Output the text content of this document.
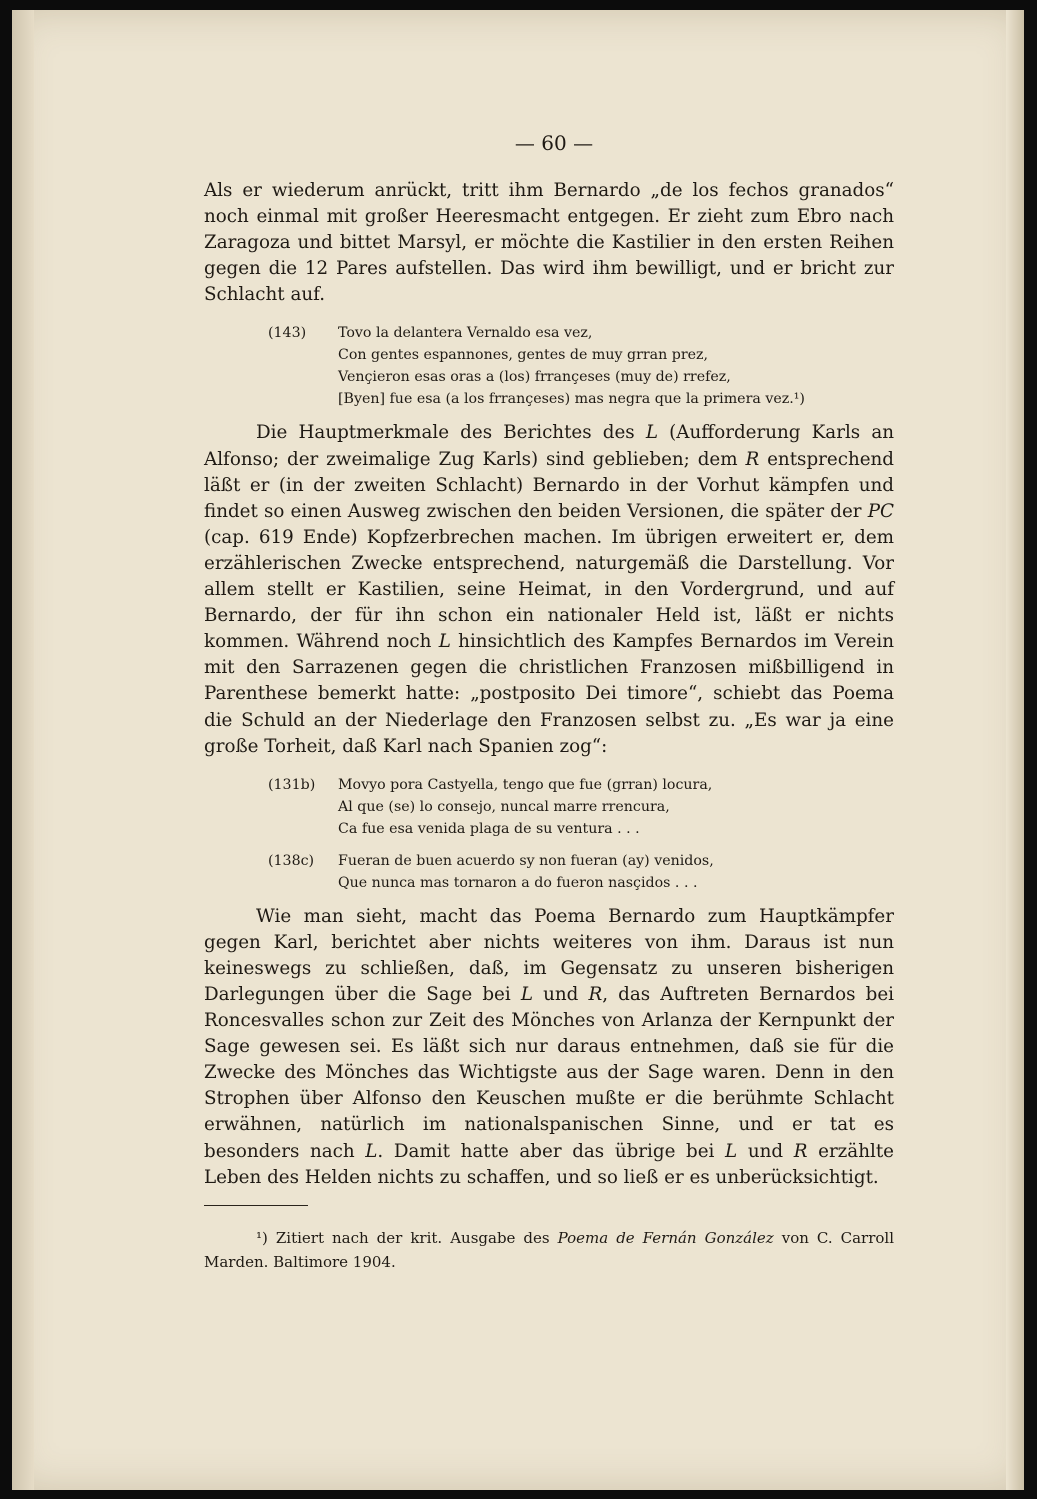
— 60 —

Als er wiederum anrückt, tritt ihm Bernardo „de los fechos granados“ noch einmal mit großer Heeresmacht entgegen. Er zieht zum Ebro nach Zaragoza und bittet Marsyl, er möchte die Kastilier in den ersten Reihen gegen die 12 Pares aufstellen. Das wird ihm bewilligt, und er bricht zur Schlacht auf.

(143)	Tovo la delantera Vernaldo esa vez,
Con gentes espannones, gentes de muy grran prez,
Vençieron esas oras a (los) frrançeses (muy de) rrefez,
[Byen] fue esa (a los frrançeses) mas negra que la primera vez.¹)

Die Hauptmerkmale des Berichtes des L (Aufforderung Karls an Alfonso; der zweimalige Zug Karls) sind geblieben; dem R entsprechend läßt er (in der zweiten Schlacht) Bernardo in der Vorhut kämpfen und findet so einen Ausweg zwischen den beiden Versionen, die später der PC (cap. 619 Ende) Kopfzerbrechen machen. Im übrigen erweitert er, dem erzählerischen Zwecke entsprechend, naturgemäß die Darstellung. Vor allem stellt er Kastilien, seine Heimat, in den Vordergrund, und auf Bernardo, der für ihn schon ein nationaler Held ist, läßt er nichts kommen. Während noch L hinsichtlich des Kampfes Bernardos im Verein mit den Sarrazenen gegen die christlichen Franzosen mißbilligend in Parenthese bemerkt hatte: „postposito Dei timore“, schiebt das Poema die Schuld an der Niederlage den Franzosen selbst zu. „Es war ja eine große Torheit, daß Karl nach Spanien zog“:

(131b)	Movyo pora Castyella, tengo que fue (grran) locura,
Al que (se) lo consejo, nuncal marre rrencura,
Ca fue esa venida plaga de su ventura . . .
(138c)	Fueran de buen acuerdo sy non fueran (ay) venidos,
Que nunca mas tornaron a do fueron nasçidos . . .

Wie man sieht, macht das Poema Bernardo zum Hauptkämpfer gegen Karl, berichtet aber nichts weiteres von ihm. Daraus ist nun keineswegs zu schließen, daß, im Gegensatz zu unseren bisherigen Darlegungen über die Sage bei L und R, das Auftreten Bernardos bei Roncesvalles schon zur Zeit des Mönches von Arlanza der Kernpunkt der Sage gewesen sei. Es läßt sich nur daraus entnehmen, daß sie für die Zwecke des Mönches das Wichtigste aus der Sage waren. Denn in den Strophen über Alfonso den Keuschen mußte er die berühmte Schlacht erwähnen, natürlich im nationalspanischen Sinne, und er tat es besonders nach L. Damit hatte aber das übrige bei L und R erzählte Leben des Helden nichts zu schaffen, und so ließ er es unberücksichtigt.

¹) Zitiert nach der krit. Ausgabe des Poema de Fernán González von C. Carroll Marden. Baltimore 1904.
